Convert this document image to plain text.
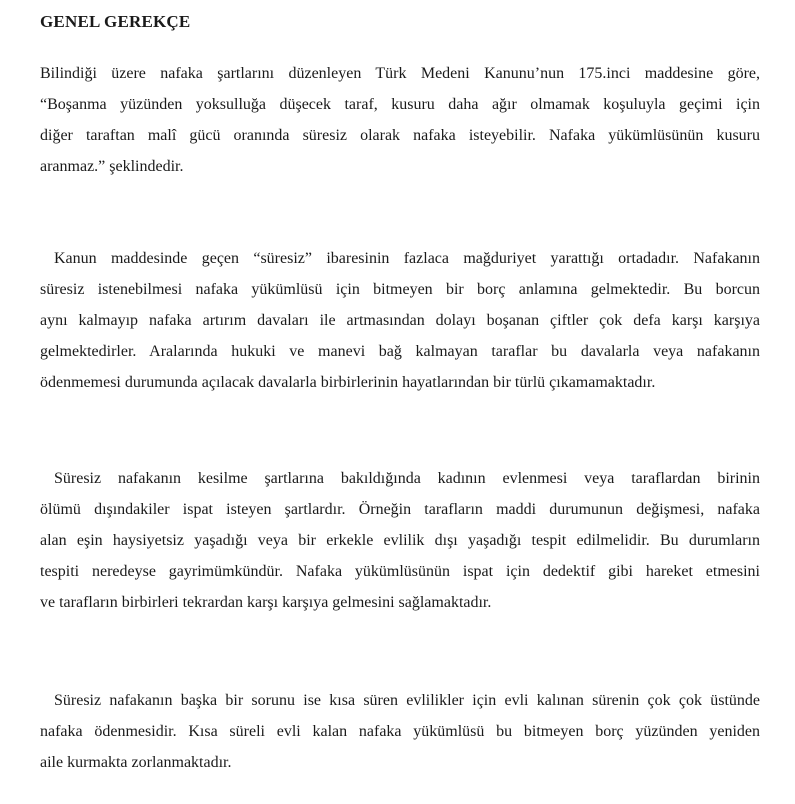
GENEL GEREKÇE
Bilindiği üzere nafaka şartlarını düzenleyen Türk Medeni Kanunu’nun 175.inci maddesine göre,
“Boşanma yüzünden yoksulluğa düşecek taraf, kusuru daha ağır olmamak koşuluyla geçimi için
diğer taraftan malî gücü oranında süresiz olarak nafaka isteyebilir. Nafaka yükümlüsünün kusuru
aranmaz.” şeklindedir.
Kanun maddesinde geçen “süresiz” ibaresinin fazlaca mağduriyet yarattığı ortadadır. Nafakanın
süresiz istenebilmesi nafaka yükümlüsü için bitmeyen bir borç anlamına gelmektedir. Bu borcun
aynı kalmayıp nafaka artırım davaları ile artmasından dolayı boşanan çiftler çok defa karşı karşıya
gelmektedirler. Aralarında hukuki ve manevi bağ kalmayan taraflar bu davalarla veya nafakanın
ödenmemesi durumunda açılacak davalarla birbirlerinin hayatlarından bir türlü çıkamamaktadır.
Süresiz nafakanın kesilme şartlarına bakıldığında kadının evlenmesi veya taraflardan birinin
ölümü dışındakiler ispat isteyen şartlardır. Örneğin tarafların maddi durumunun değişmesi, nafaka
alan eşin haysiyetsiz yaşadığı veya bir erkekle evlilik dışı yaşadığı tespit edilmelidir. Bu durumların
tespiti neredeyse gayrimümkündür. Nafaka yükümlüsünün ispat için dedektif gibi hareket etmesini
ve tarafların birbirleri tekrardan karşı karşıya gelmesini sağlamaktadır.
Süresiz nafakanın başka bir sorunu ise kısa süren evlilikler için evli kalınan sürenin çok çok üstünde
nafaka ödenmesidir. Kısa süreli evli kalan nafaka yükümlüsü bu bitmeyen borç yüzünden yeniden
aile kurmakta zorlanmaktadır.
